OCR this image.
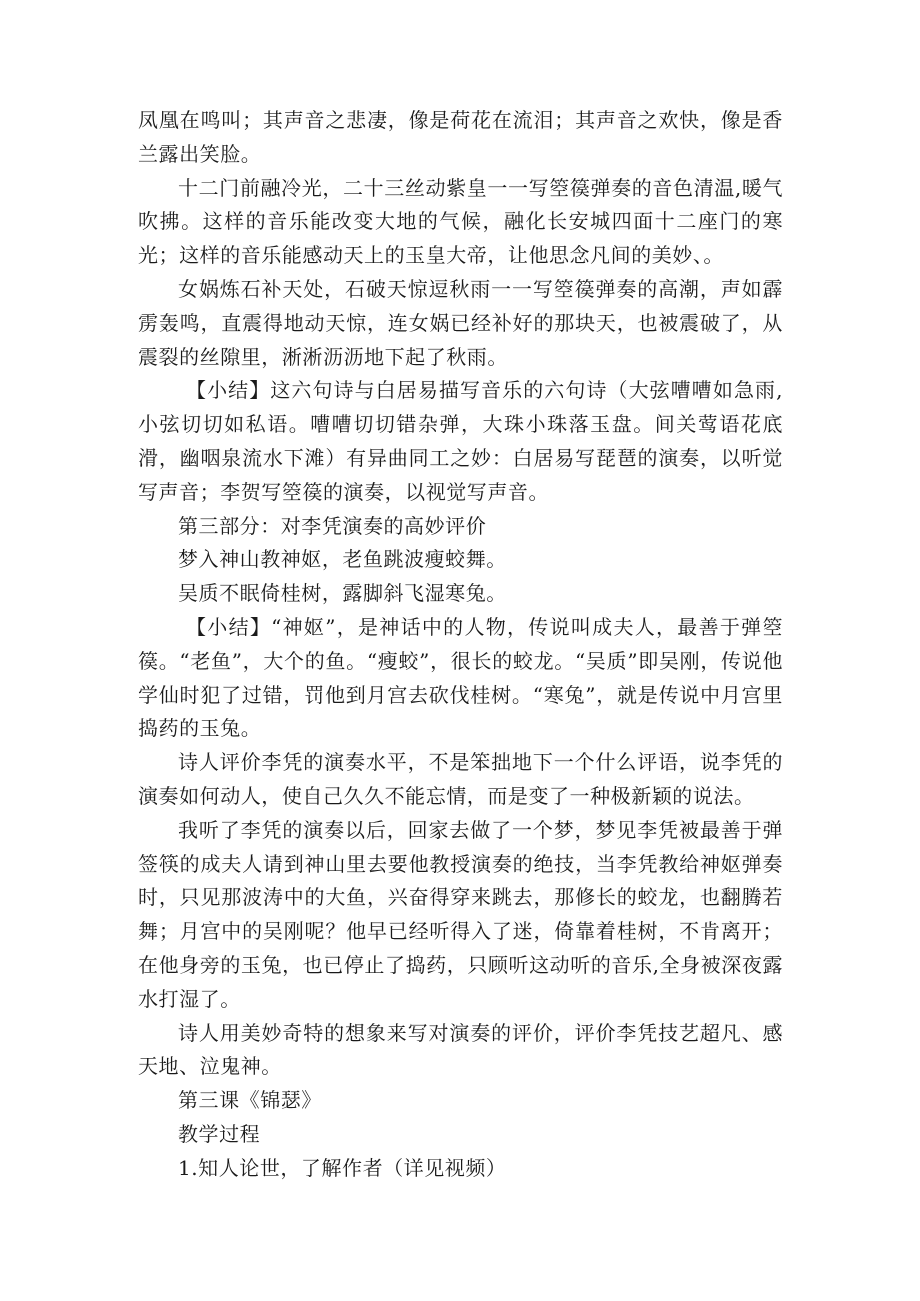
凤凰在鸣叫；其声音之悲凄，像是荷花在流泪；其声音之欢快，像是香兰露出笑脸。

十二门前融冷光，二十三丝动紫皇一一写箜篌弹奏的音色清温,暖气吹拂。这样的音乐能改变大地的气候，融化长安城四面十二座门的寒光；这样的音乐能感动天上的玉皇大帝，让他思念凡间的美妙、。

女娲炼石补天处，石破天惊逗秋雨一一写箜篌弹奏的高潮，声如霹雳轰鸣，直震得地动天惊，连女娲已经补好的那块天，也被震破了，从震裂的丝隙里，淅淅沥沥地下起了秋雨。

【小结】这六句诗与白居易描写音乐的六句诗（大弦嘈嘈如急雨,小弦切切如私语。嘈嘈切切错杂弹，大珠小珠落玉盘。间关莺语花底滑，幽咽泉流水下滩）有异曲同工之妙：白居易写琵琶的演奏，以听觉写声音；李贺写箜篌的演奏，以视觉写声音。

第三部分：对李凭演奏的高妙评价

梦入神山教神妪，老鱼跳波瘦蛟舞。

吴质不眠倚桂树，露脚斜飞湿寒兔。

【小结】“神妪”，是神话中的人物，传说叫成夫人，最善于弹箜篌。“老鱼”，大个的鱼。“瘦蛟”，很长的蛟龙。“吴质”即吴刚，传说他学仙时犯了过错，罚他到月宫去砍伐桂树。“寒兔”，就是传说中月宫里捣药的玉兔。

诗人评价李凭的演奏水平，不是笨拙地下一个什么评语，说李凭的演奏如何动人，使自己久久不能忘情，而是变了一种极新颖的说法。

我听了李凭的演奏以后，回家去做了一个梦，梦见李凭被最善于弹签筷的成夫人请到神山里去要他教授演奏的绝技，当李凭教给神妪弹奏时，只见那波涛中的大鱼，兴奋得穿来跳去，那修长的蛟龙，也翻腾若舞；月宫中的吴刚呢？他早已经听得入了迷，倚靠着桂树，不肯离开；在他身旁的玉兔，也已停止了捣药，只顾听这动听的音乐,全身被深夜露水打湿了。

诗人用美妙奇特的想象来写对演奏的评价，评价李凭技艺超凡、感天地、泣鬼神。

第三课《锦瑟》

教学过程

1.知人论世，了解作者（详见视频）
